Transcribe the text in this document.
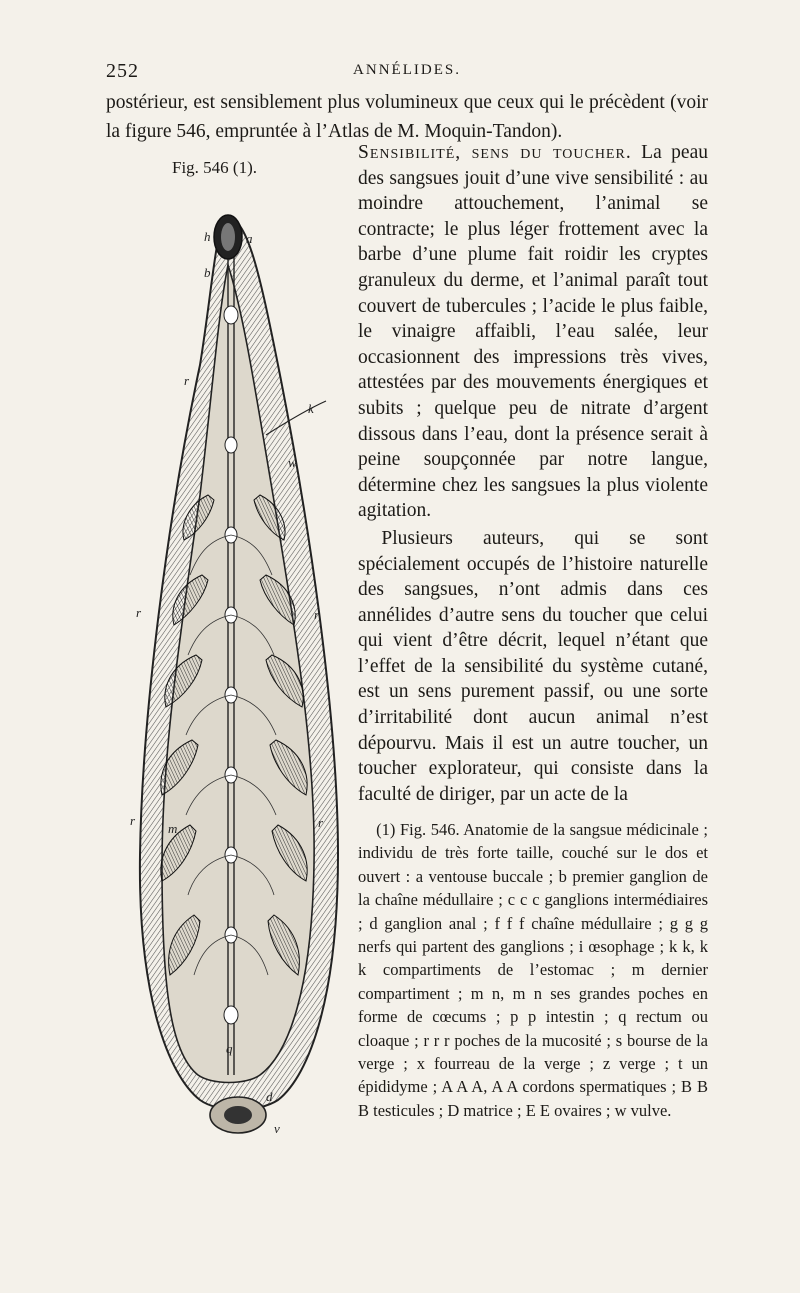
252	ANNÉLIDES.
postérieur, est sensiblement plus volumineux que ceux qui le précèdent (voir la figure 546, empruntée à l’Atlas de M. Moquin-Tandon).
Fig. 546 (1).
h	a
b
k
w
r
r	r
r	r
m
q
d
v

Sensibilité, sens du toucher. La peau des sangsues jouit d’une vive sensibilité : au moindre attouchement, l’animal se contracte; le plus léger frottement avec la barbe d’une plume fait roidir les cryptes granuleux du derme, et l’animal paraît tout couvert de tubercules ; l’acide le plus faible, le vinaigre affaibli, l’eau salée, leur occasionnent des impressions très vives, attestées par des mouvements énergiques et subits ; quelque peu de nitrate d’argent dissous dans l’eau, dont la présence serait à peine soupçonnée par notre langue, détermine chez les sangsues la plus violente agitation.

Plusieurs auteurs, qui se sont spécialement occupés de l’histoire naturelle des sangsues, n’ont admis dans ces annélides d’autre sens du toucher que celui qui vient d’être décrit, lequel n’étant que l’effet de la sensibilité du système cutané, est un sens purement passif, ou une sorte d’irritabilité dont aucun animal n’est dépourvu. Mais il est un autre toucher, un toucher explorateur, qui consiste dans la faculté de diriger, par un acte de la

(1) Fig. 546. Anatomie de la sangsue médicinale ; individu de très forte taille, couché sur le dos et ouvert : a ventouse buccale ; b premier ganglion de la chaîne médullaire ; c c c ganglions intermédiaires ; d ganglion anal ; f f f chaîne médullaire ; g g g nerfs qui partent des ganglions ; i œsophage ; k k, k k compartiments de l’estomac ; m dernier compartiment ; m n, m n ses grandes poches en forme de cœcums ; p p intestin ; q rectum ou cloaque ; r r r poches de la mucosité ; s bourse de la verge ; x fourreau de la verge ; z verge ; t un épididyme ; A A A, A A cordons spermatiques ; B B B testicules ; D matrice ; E E ovaires ; w vulve.
